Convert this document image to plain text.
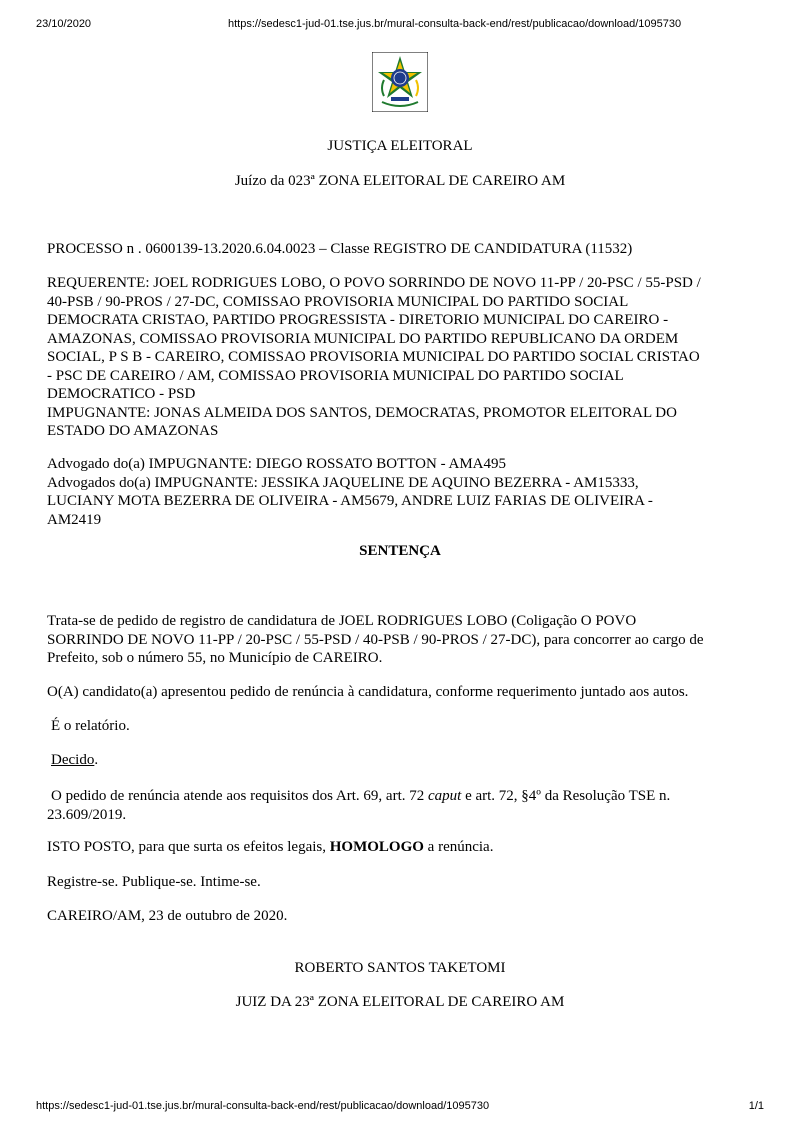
23/10/2020	https://sedesc1-jud-01.tse.jus.br/mural-consulta-back-end/rest/publicacao/download/1095730
JUSTIÇA ELEITORAL
Juízo da 023ª ZONA ELEITORAL DE CAREIRO AM

PROCESSO n . 0600139-13.2020.6.04.0023 – Classe REGISTRO DE CANDIDATURA (11532)

REQUERENTE: JOEL RODRIGUES LOBO, O POVO SORRINDO DE NOVO 11-PP / 20-PSC / 55-PSD /

40-PSB / 90-PROS / 27-DC, COMISSAO PROVISORIA MUNICIPAL DO PARTIDO SOCIAL

DEMOCRATA CRISTAO, PARTIDO PROGRESSISTA - DIRETORIO MUNICIPAL DO CAREIRO -

AMAZONAS, COMISSAO PROVISORIA MUNICIPAL DO PARTIDO REPUBLICANO DA ORDEM

SOCIAL, P S B - CAREIRO, COMISSAO PROVISORIA MUNICIPAL DO PARTIDO SOCIAL CRISTAO

- PSC DE CAREIRO / AM, COMISSAO PROVISORIA MUNICIPAL DO PARTIDO SOCIAL

DEMOCRATICO - PSD

IMPUGNANTE: JONAS ALMEIDA DOS SANTOS, DEMOCRATAS, PROMOTOR ELEITORAL DO

ESTADO DO AMAZONAS

Advogado do(a) IMPUGNANTE: DIEGO ROSSATO BOTTON - AMA495

Advogados do(a) IMPUGNANTE: JESSIKA JAQUELINE DE AQUINO BEZERRA - AM15333,

LUCIANY MOTA BEZERRA DE OLIVEIRA - AM5679, ANDRE LUIZ FARIAS DE OLIVEIRA -

AM2419

SENTENÇA

Trata-se de pedido de registro de candidatura de JOEL RODRIGUES LOBO (Coligação O POVO

SORRINDO DE NOVO 11-PP / 20-PSC / 55-PSD / 40-PSB / 90-PROS / 27-DC), para concorrer ao cargo de

Prefeito, sob o número 55, no Município de CAREIRO.

O(A) candidato(a) apresentou pedido de renúncia à candidatura, conforme requerimento juntado aos autos.

É o relatório.

Decido.

O pedido de renúncia atende aos requisitos dos Art. 69, art. 72 caput e art. 72, §4º da Resolução TSE n.

23.609/2019.

ISTO POSTO, para que surta os efeitos legais, HOMOLOGO a renúncia.

Registre-se. Publique-se. Intime-se.

CAREIRO/AM, 23 de outubro de 2020.

ROBERTO SANTOS TAKETOMI
JUIZ DA 23ª ZONA ELEITORAL DE CAREIRO AM
https://sedesc1-jud-01.tse.jus.br/mural-consulta-back-end/rest/publicacao/download/1095730	1/1
